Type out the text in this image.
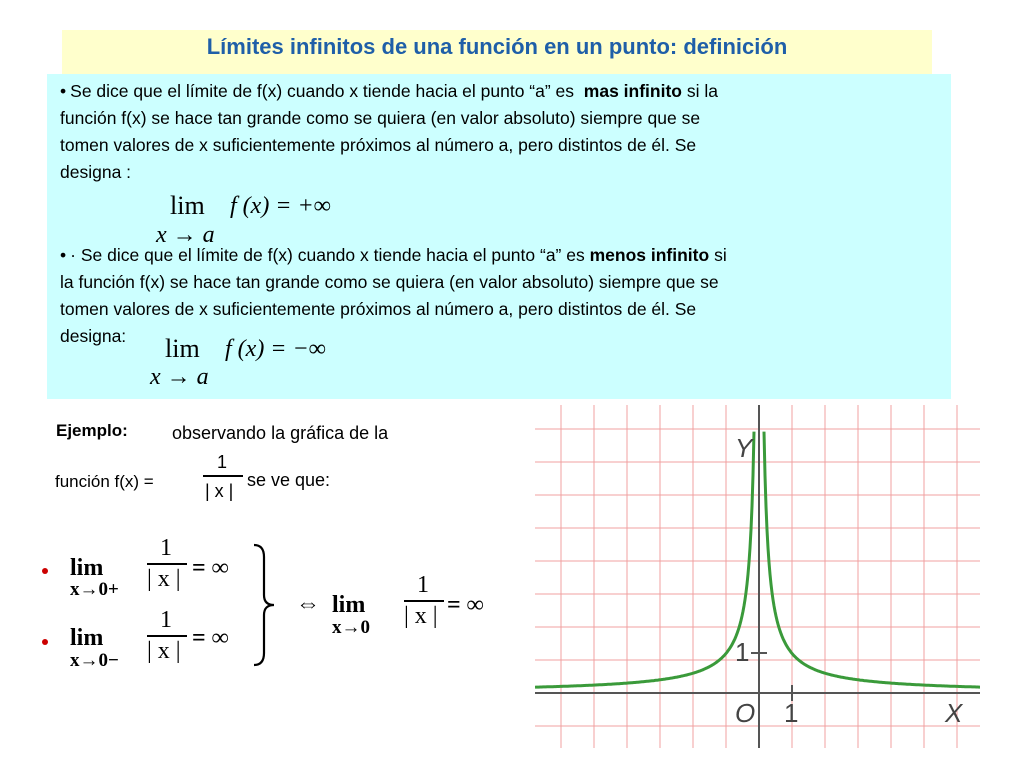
Límites infinitos de una función en un punto: definición
• Se dice que el límite de f(x) cuando x tiende hacia el punto “a” es mas infinito si la
función f(x) se hace tan grande como se quiera (en valor absoluto) siempre que se
tomen valores de x suficientemente próximos al número a, pero distintos de él. Se
designa :
lim f (x) = +∞
x → a
• · Se dice que el límite de f(x) cuando x tiende hacia el punto “a” es menos infinito si
la función f(x) se hace tan grande como se quiera (en valor absoluto) siempre que se
tomen valores de x suficientemente próximos al número a, pero distintos de él. Se
designa:	lim f (x) = −∞
x → a
Ejemplo: observando la gráfica de la
función f(x) =
1
| x |
se ve que:
lim
x→0+
1
| x | = ∞
lim
x→0−
1
| x | = ∞
⇔ lim
x→0
1
| x | = ∞
Y
X
O 1
1
